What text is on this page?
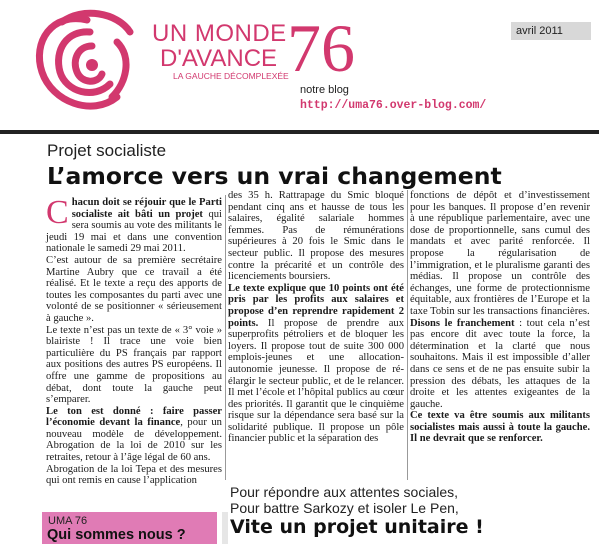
UN MONDE
D'AVANCE
LA GAUCHE DÉCOMPLEXÉE
76	avril 2011
notre blog
http://uma76.over-blog.com/
Projet socialiste
L’amorce vers un vrai changement

Chacun doit se réjouir que le Parti socialiste ait bâti un projet qui sera soumis au vote des militants le jeudi 19 mai et dans une convention nationale le samedi 29 mai 2011.

C’est autour de sa première secrétaire Martine Aubry que ce travail a été réalisé. Et le texte a reçu des apports de toutes les composantes du parti avec une volonté de se positionner « sérieusement à gauche ».

Le texte n’est pas un texte de « 3° voie » blairiste ! Il trace une voie bien particulière du PS français par rapport aux positions des autres PS européens. Il offre une gamme de propositions au débat, dont toute la gauche peut s’emparer.

Le ton est donné : faire passer l’économie devant la finance, pour un nouveau modèle de développement. Abrogation de la loi de 2010 sur les retraites, retour à l’âge légal de 60 ans.

Abrogation de la loi Tepa et des mesures qui ont remis en cause l’application

des 35 h. Rattrapage du Smic bloqué pendant cinq ans et hausse de tous les salaires, égalité salariale hommes femmes. Pas de rémunérations supérieures à 20 fois le Smic dans le secteur public. Il propose des mesures contre la précarité et un contrôle des licenciements boursiers.

Le texte explique que 10 points ont été pris par les profits aux salaires et propose d’en reprendre rapidement 2 points. Il propose de prendre aux superprofits pétroliers et de bloquer les loyers. Il propose tout de suite 300 000 emplois-jeunes et une allocation-autonomie jeunesse. Il propose de ré-élargir le secteur public, et de le relancer. Il met l’école et l’hôpital publics au cœur des priorités. Il garantit que le cinquième risque sur la dépendance sera basé sur la solidarité publique. Il propose un pôle financier public et la séparation des

fonctions de dépôt et d’investissement pour les banques. Il propose d’en revenir à une république parlementaire, avec une dose de proportionnelle, sans cumul des mandats et avec parité renforcée. Il propose la régularisation de l’immigration, et le pluralisme garanti des médias. Il propose un contrôle des échanges, une forme de protectionnisme équitable, aux frontières de l’Europe et la taxe Tobin sur les transactions financières.

Disons le franchement : tout cela n’est pas encore dit avec toute la force, la détermination et la clarté que nous souhaitons. Mais il est impossible d’aller dans ce sens et de ne pas ensuite subir la pression des débats, les attaques de la droite et les attentes exigeantes de la gauche.

Ce texte va être soumis aux militants socialistes mais aussi à toute la gauche. Il ne devrait que se renforcer.

UMA 76
Qui sommes nous ?
Pour répondre aux attentes sociales,
Pour battre Sarkozy et isoler Le Pen,
Vite un projet unitaire !
